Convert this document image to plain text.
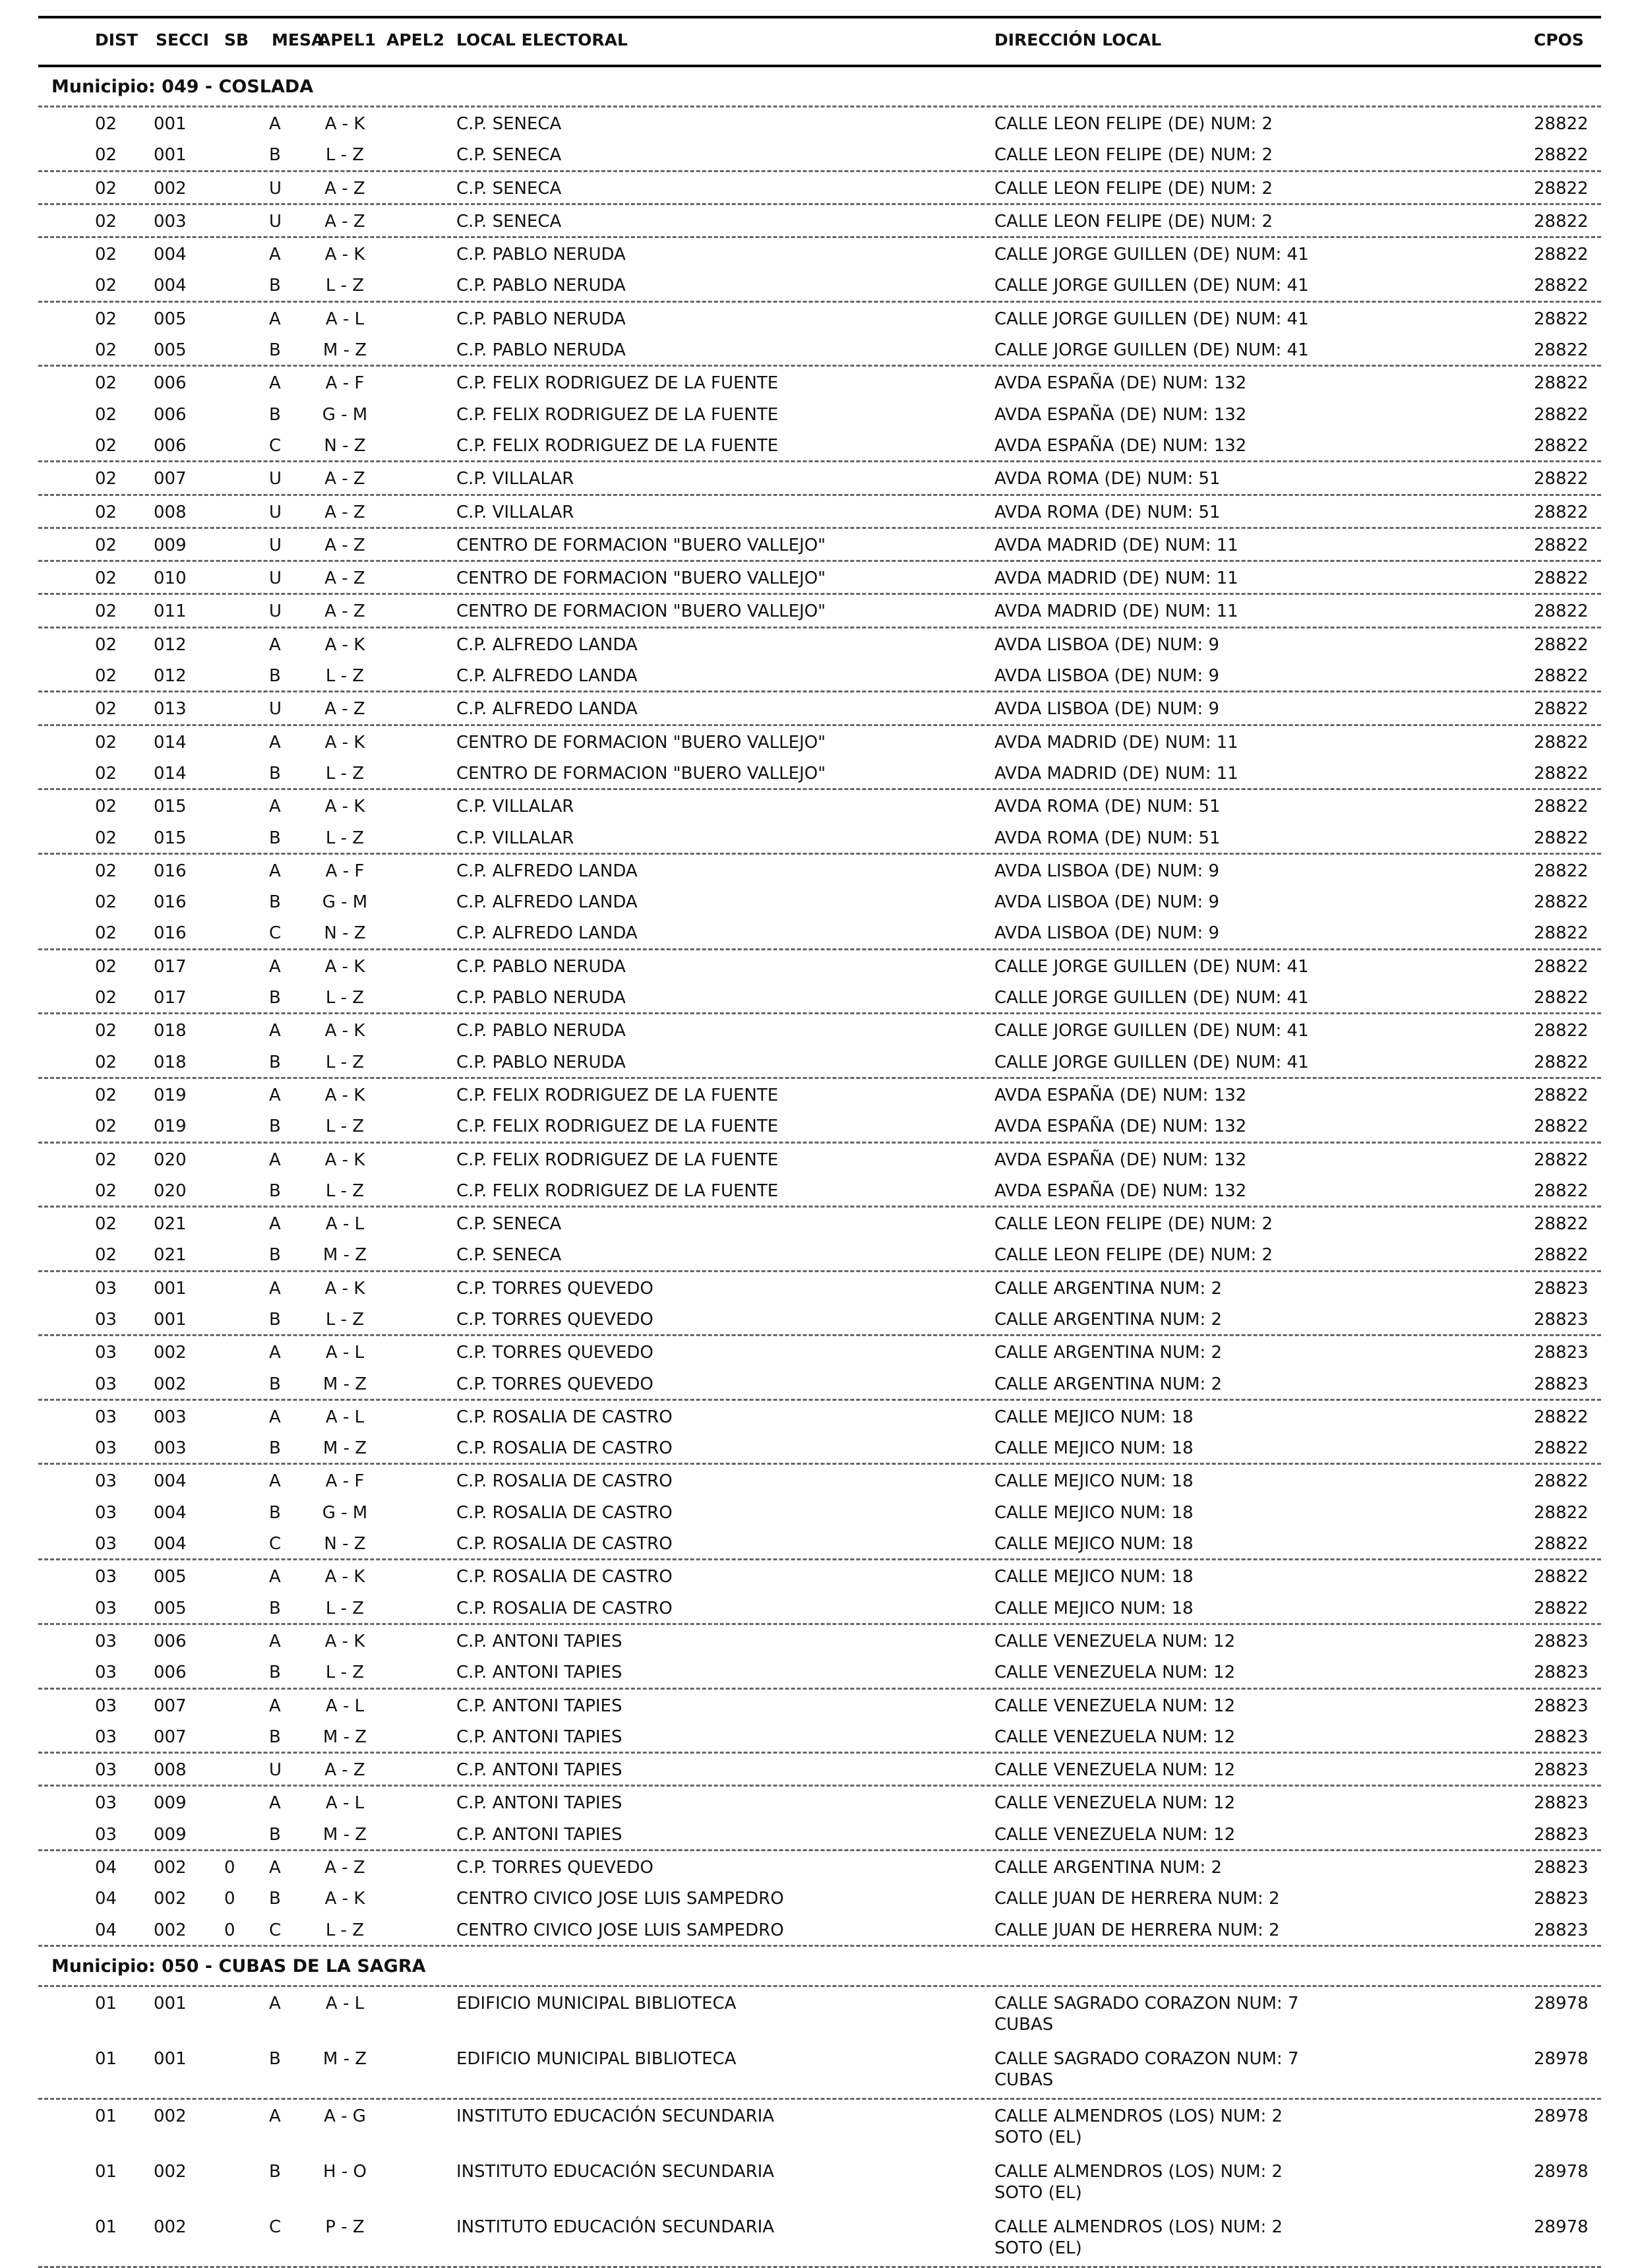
DIST SECCI SB MESA
APEL1 APEL2 LOCAL ELECTORAL	DIRECCIÓN LOCAL	CPOS
Municipio: 049 - COSLADA
02 001	A	A - K	C.P. SENECA	CALLE LEON FELIPE (DE) NUM: 2	28822
02 001	B	L - Z	C.P. SENECA	CALLE LEON FELIPE (DE) NUM: 2	28822
02 002	U	A - Z	C.P. SENECA	CALLE LEON FELIPE (DE) NUM: 2	28822
02 003	U	A - Z	C.P. SENECA	CALLE LEON FELIPE (DE) NUM: 2	28822
02 004	A	A - K	C.P. PABLO NERUDA	CALLE JORGE GUILLEN (DE) NUM: 41	28822
02 004	B	L - Z	C.P. PABLO NERUDA	CALLE JORGE GUILLEN (DE) NUM: 41	28822
02 005	A	A - L	C.P. PABLO NERUDA	CALLE JORGE GUILLEN (DE) NUM: 41	28822
02 005	B	M - Z	C.P. PABLO NERUDA	CALLE JORGE GUILLEN (DE) NUM: 41	28822
02 006	A	A - F	C.P. FELIX RODRIGUEZ DE LA FUENTE	AVDA ESPAÑA (DE) NUM: 132	28822
02 006	B	G - M	C.P. FELIX RODRIGUEZ DE LA FUENTE	AVDA ESPAÑA (DE) NUM: 132	28822
02 006	C	N - Z	C.P. FELIX RODRIGUEZ DE LA FUENTE	AVDA ESPAÑA (DE) NUM: 132	28822
02 007	U	A - Z	C.P. VILLALAR	AVDA ROMA (DE) NUM: 51	28822
02 008	U	A - Z	C.P. VILLALAR	AVDA ROMA (DE) NUM: 51	28822
02 009	U	A - Z	CENTRO DE FORMACION "BUERO VALLEJO"	AVDA MADRID (DE) NUM: 11	28822
02 010	U	A - Z	CENTRO DE FORMACION "BUERO VALLEJO"	AVDA MADRID (DE) NUM: 11	28822
02 011	U	A - Z	CENTRO DE FORMACION "BUERO VALLEJO"	AVDA MADRID (DE) NUM: 11	28822
02 012	A	A - K	C.P. ALFREDO LANDA	AVDA LISBOA (DE) NUM: 9	28822
02 012	B	L - Z	C.P. ALFREDO LANDA	AVDA LISBOA (DE) NUM: 9	28822
02 013	U	A - Z	C.P. ALFREDO LANDA	AVDA LISBOA (DE) NUM: 9	28822
02 014	A	A - K	CENTRO DE FORMACION "BUERO VALLEJO"	AVDA MADRID (DE) NUM: 11	28822
02 014	B	L - Z	CENTRO DE FORMACION "BUERO VALLEJO"	AVDA MADRID (DE) NUM: 11	28822
02 015	A	A - K	C.P. VILLALAR	AVDA ROMA (DE) NUM: 51	28822
02 015	B	L - Z	C.P. VILLALAR	AVDA ROMA (DE) NUM: 51	28822
02 016	A	A - F	C.P. ALFREDO LANDA	AVDA LISBOA (DE) NUM: 9	28822
02 016	B	G - M	C.P. ALFREDO LANDA	AVDA LISBOA (DE) NUM: 9	28822
02 016	C	N - Z	C.P. ALFREDO LANDA	AVDA LISBOA (DE) NUM: 9	28822
02 017	A	A - K	C.P. PABLO NERUDA	CALLE JORGE GUILLEN (DE) NUM: 41	28822
02 017	B	L - Z	C.P. PABLO NERUDA	CALLE JORGE GUILLEN (DE) NUM: 41	28822
02 018	A	A - K	C.P. PABLO NERUDA	CALLE JORGE GUILLEN (DE) NUM: 41	28822
02 018	B	L - Z	C.P. PABLO NERUDA	CALLE JORGE GUILLEN (DE) NUM: 41	28822
02 019	A	A - K	C.P. FELIX RODRIGUEZ DE LA FUENTE	AVDA ESPAÑA (DE) NUM: 132	28822
02 019	B	L - Z	C.P. FELIX RODRIGUEZ DE LA FUENTE	AVDA ESPAÑA (DE) NUM: 132	28822
02 020	A	A - K	C.P. FELIX RODRIGUEZ DE LA FUENTE	AVDA ESPAÑA (DE) NUM: 132	28822
02 020	B	L - Z	C.P. FELIX RODRIGUEZ DE LA FUENTE	AVDA ESPAÑA (DE) NUM: 132	28822
02 021	A	A - L	C.P. SENECA	CALLE LEON FELIPE (DE) NUM: 2	28822
02 021	B	M - Z	C.P. SENECA	CALLE LEON FELIPE (DE) NUM: 2	28822
03 001	A	A - K	C.P. TORRES QUEVEDO	CALLE ARGENTINA NUM: 2	28823
03 001	B	L - Z	C.P. TORRES QUEVEDO	CALLE ARGENTINA NUM: 2	28823
03 002	A	A - L	C.P. TORRES QUEVEDO	CALLE ARGENTINA NUM: 2	28823
03 002	B	M - Z	C.P. TORRES QUEVEDO	CALLE ARGENTINA NUM: 2	28823
03 003	A	A - L	C.P. ROSALIA DE CASTRO	CALLE MEJICO NUM: 18	28822
03 003	B	M - Z	C.P. ROSALIA DE CASTRO	CALLE MEJICO NUM: 18	28822
03 004	A	A - F	C.P. ROSALIA DE CASTRO	CALLE MEJICO NUM: 18	28822
03 004	B	G - M	C.P. ROSALIA DE CASTRO	CALLE MEJICO NUM: 18	28822
03 004	C	N - Z	C.P. ROSALIA DE CASTRO	CALLE MEJICO NUM: 18	28822
03 005	A	A - K	C.P. ROSALIA DE CASTRO	CALLE MEJICO NUM: 18	28822
03 005	B	L - Z	C.P. ROSALIA DE CASTRO	CALLE MEJICO NUM: 18	28822
03 006	A	A - K	C.P. ANTONI TAPIES	CALLE VENEZUELA NUM: 12	28823
03 006	B	L - Z	C.P. ANTONI TAPIES	CALLE VENEZUELA NUM: 12	28823
03 007	A	A - L	C.P. ANTONI TAPIES	CALLE VENEZUELA NUM: 12	28823
03 007	B	M - Z	C.P. ANTONI TAPIES	CALLE VENEZUELA NUM: 12	28823
03 008	U	A - Z	C.P. ANTONI TAPIES	CALLE VENEZUELA NUM: 12	28823
03 009	A	A - L	C.P. ANTONI TAPIES	CALLE VENEZUELA NUM: 12	28823
03 009	B	M - Z	C.P. ANTONI TAPIES	CALLE VENEZUELA NUM: 12	28823
04 002 0 A	A - Z	C.P. TORRES QUEVEDO	CALLE ARGENTINA NUM: 2	28823
04 002 0 B	A - K	CENTRO CIVICO JOSE LUIS SAMPEDRO	CALLE JUAN DE HERRERA NUM: 2	28823
04 002 0 C	L - Z	CENTRO CIVICO JOSE LUIS SAMPEDRO	CALLE JUAN DE HERRERA NUM: 2	28823
Municipio: 050 - CUBAS DE LA SAGRA
01 001	A	A - L	EDIFICIO MUNICIPAL BIBLIOTECA	CALLE SAGRADO CORAZON NUM: 7	28978
CUBAS
01 001	B	M - Z	EDIFICIO MUNICIPAL BIBLIOTECA	CALLE SAGRADO CORAZON NUM: 7	28978
CUBAS
01 002	A	A - G	INSTITUTO EDUCACIÓN SECUNDARIA	CALLE ALMENDROS (LOS) NUM: 2	28978
SOTO (EL)
01 002	B	H - O	INSTITUTO EDUCACIÓN SECUNDARIA	CALLE ALMENDROS (LOS) NUM: 2	28978
SOTO (EL)
01 002	C	P - Z	INSTITUTO EDUCACIÓN SECUNDARIA	CALLE ALMENDROS (LOS) NUM: 2	28978
SOTO (EL)
